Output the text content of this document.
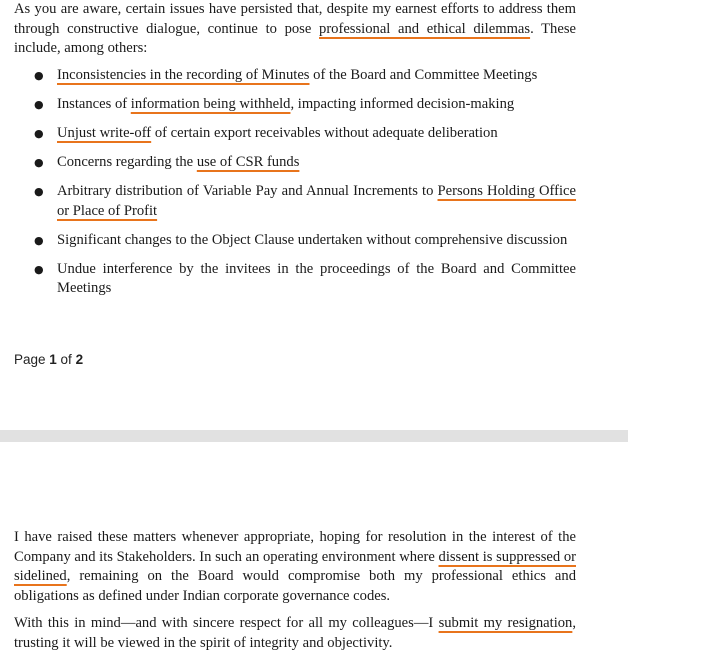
As you are aware, certain issues have persisted that, despite my earnest efforts to address them through constructive dialogue, continue to pose professional and ethical dilemmas. These include, among others:

● Inconsistencies in the recording of Minutes of the Board and Committee Meetings
● Instances of information being withheld, impacting informed decision-making
● Unjust write-off of certain export receivables without adequate deliberation
● Concerns regarding the use of CSR funds
● Arbitrary distribution of Variable Pay and Annual Increments to Persons Holding Office or Place of Profit
● Significant changes to the Object Clause undertaken without comprehensive discussion
● Undue interference by the invitees in the proceedings of the Board and Committee Meetings

Page 1 of 2

I have raised these matters whenever appropriate, hoping for resolution in the interest of the Company and its Stakeholders. In such an operating environment where dissent is suppressed or sidelined, remaining on the Board would compromise both my professional ethics and obligations as defined under Indian corporate governance codes.

With this in mind—and with sincere respect for all my colleagues—I submit my resignation, trusting it will be viewed in the spirit of integrity and objectivity.
